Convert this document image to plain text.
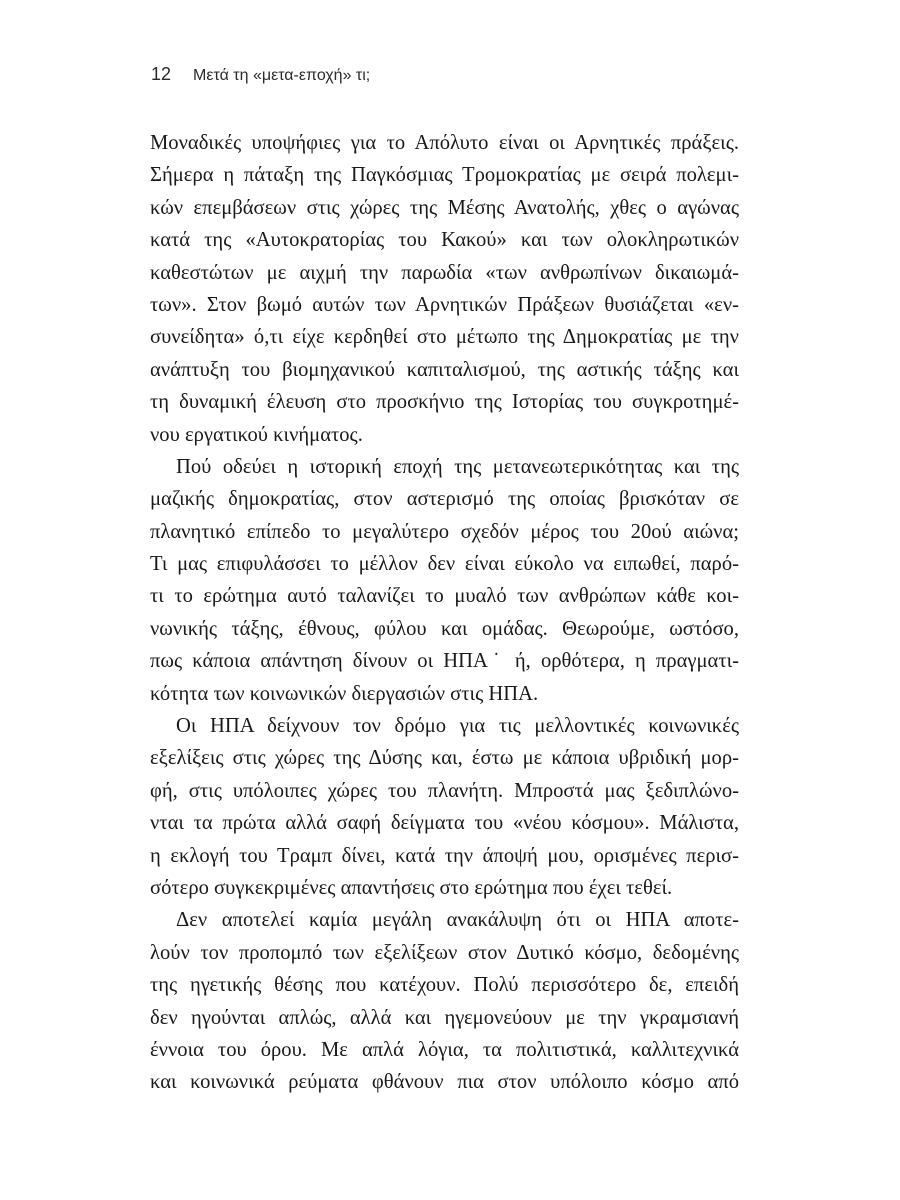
12 Μετά τη «μετα-εποχή» τι;
Μοναδικές υποψήφιες για το Απόλυτο είναι οι Αρνητικές πράξεις.
Σήμερα η πάταξη της Παγκόσμιας Τρομοκρατίας με σειρά πολεμι-
κών επεμβάσεων στις χώρες της Μέσης Ανατολής, χθες ο αγώνας
κατά της «Αυτοκρατορίας του Κακού» και των ολοκληρωτικών
καθεστώτων με αιχμή την παρωδία «των ανθρωπίνων δικαιωμά-
των». Στον βωμό αυτών των Αρνητικών Πράξεων θυσιάζεται «εν-
συνείδητα» ό,τι είχε κερδηθεί στο μέτωπο της Δημοκρατίας με την
ανάπτυξη του βιομηχανικού καπιταλισμού, της αστικής τάξης και
τη δυναμική έλευση στο προσκήνιο της Ιστορίας του συγκροτημέ-
νου εργατικού κινήματος.
Πού οδεύει η ιστορική εποχή της μετανεωτερικότητας και της
μαζικής δημοκρατίας, στον αστερισμό της οποίας βρισκόταν σε
πλανητικό επίπεδο το μεγαλύτερο σχεδόν μέρος του 20ού αιώνα;
Τι μας επιφυλάσσει το μέλλον δεν είναι εύκολο να ειπωθεί, παρό-
τι το ερώτημα αυτό ταλανίζει το μυαλό των ανθρώπων κάθε κοι-
νωνικής τάξης, έθνους, φύλου και ομάδας. Θεωρούμε, ωστόσο,
πως κάποια απάντηση δίνουν οι ΗΠΑ˙ ή, ορθότερα, η πραγματι-
κότητα των κοινωνικών διεργασιών στις ΗΠΑ.
Οι ΗΠΑ δείχνουν τον δρόμο για τις μελλοντικές κοινωνικές
εξελίξεις στις χώρες της Δύσης και, έστω με κάποια υβριδική μορ-
φή, στις υπόλοιπες χώρες του πλανήτη. Μπροστά μας ξεδιπλώνο-
νται τα πρώτα αλλά σαφή δείγματα του «νέου κόσμου». Μάλιστα,
η εκλογή του Τραμπ δίνει, κατά την άποψή μου, ορισμένες περισ-
σότερο συγκεκριμένες απαντήσεις στο ερώτημα που έχει τεθεί.
Δεν αποτελεί καμία μεγάλη ανακάλυψη ότι οι ΗΠΑ αποτε-
λούν τον προπομπό των εξελίξεων στον Δυτικό κόσμο, δεδομένης
της ηγετικής θέσης που κατέχουν. Πολύ περισσότερο δε, επειδή
δεν ηγούνται απλώς, αλλά και ηγεμονεύουν με την γκραμσιανή
έννοια του όρου. Με απλά λόγια, τα πολιτιστικά, καλλιτεχνικά
και κοινωνικά ρεύματα φθάνουν πια στον υπόλοιπο κόσμο από
